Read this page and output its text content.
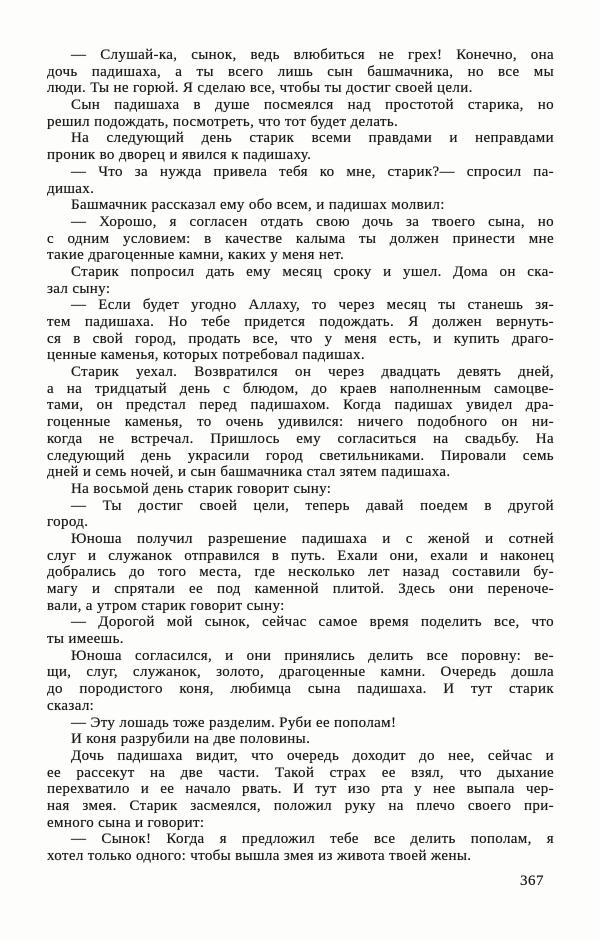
— Слушай-ка, сынок, ведь влюбиться не грех! Конечно, она
дочь падишаха, а ты всего лишь сын башмачника, но все мы
люди. Ты не горюй. Я сделаю все, чтобы ты достиг своей цели.
Сын падишаха в душе посмеялся над простотой старика, но
решил подождать, посмотреть, что тот будет делать.
На следующий день старик всеми правдами и неправдами
проник во дворец и явился к падишаху.
— Что за нужда привела тебя ко мне, старик?— спросил па-
дишах.
Башмачник рассказал ему обо всем, и падишах молвил:
— Хорошо, я согласен отдать свою дочь за твоего сына, но
с одним условием: в качестве калыма ты должен принести мне
такие драгоценные камни, каких у меня нет.
Старик попросил дать ему месяц сроку и ушел. Дома он ска-
зал сыну:
— Если будет угодно Аллаху, то через месяц ты станешь зя-
тем падишаха. Но тебе придется подождать. Я должен вернуть-
ся в свой город, продать все, что у меня есть, и купить драго-
ценные каменья, которых потребовал падишах.
Старик уехал. Возвратился он через двадцать девять дней,
а на тридцатый день с блюдом, до краев наполненным самоцве-
тами, он предстал перед падишахом. Когда падишах увидел дра-
гоценные каменья, то очень удивился: ничего подобного он ни-
когда не встречал. Пришлось ему согласиться на свадьбу. На
следующий день украсили город светильниками. Пировали семь
дней и семь ночей, и сын башмачника стал зятем падишаха.
На восьмой день старик говорит сыну:
— Ты достиг своей цели, теперь давай поедем в другой
город.
Юноша получил разрешение падишаха и с женой и сотней
слуг и служанок отправился в путь. Ехали они, ехали и наконец
добрались до того места, где несколько лет назад составили бу-
магу и спрятали ее под каменной плитой. Здесь они переноче-
вали, а утром старик говорит сыну:
— Дорогой мой сынок, сейчас самое время поделить все, что
ты имеешь.
Юноша согласился, и они принялись делить все поровну: ве-
щи, слуг, служанок, золото, драгоценные камни. Очередь дошла
до породистого коня, любимца сына падишаха. И тут старик
сказал:
— Эту лошадь тоже разделим. Руби ее пополам!
И коня разрубили на две половины.
Дочь падишаха видит, что очередь доходит до нее, сейчас и
ее рассекут на две части. Такой страх ее взял, что дыхание
перехватило и ее начало рвать. И тут изо рта у нее выпала чер-
ная змея. Старик засмеялся, положил руку на плечо своего при-
емного сына и говорит:
— Сынок! Когда я предложил тебе все делить пополам, я
хотел только одного: чтобы вышла змея из живота твоей жены.
367
